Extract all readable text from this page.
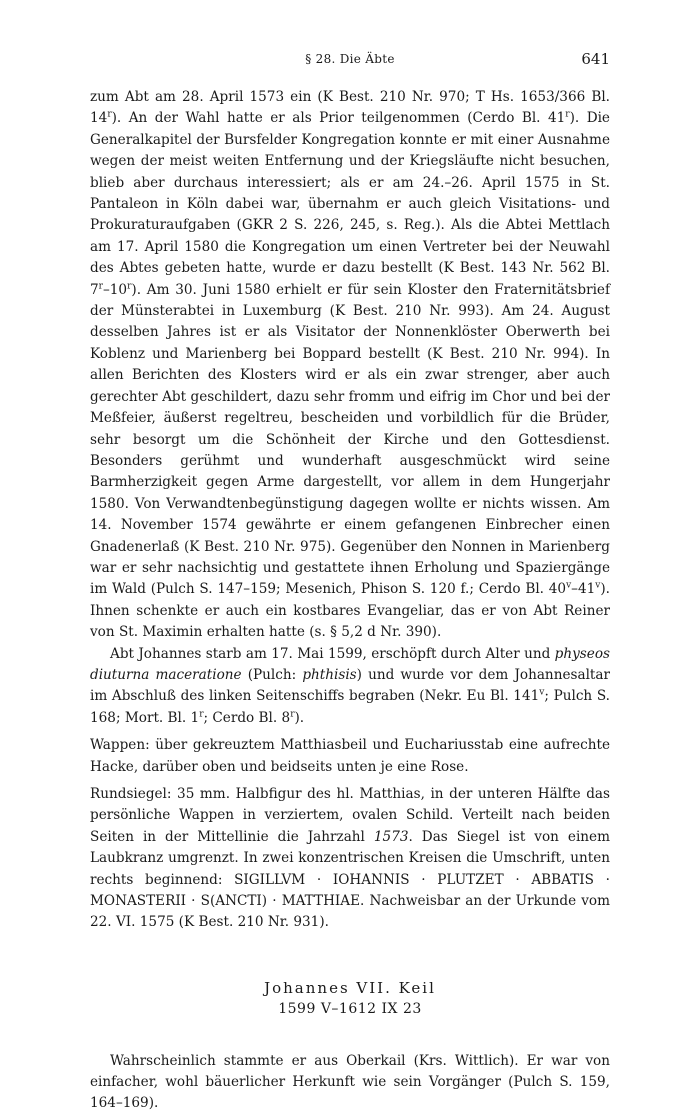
§ 28. Die Äbte	641

zum Abt am 28. April 1573 ein (K Best. 210 Nr. 970; T Hs. 1653/366 Bl. 14$^r$). An der Wahl hatte er als Prior teilgenommen (Cerdo Bl. 41$^r$). Die Generalkapitel der Bursfelder Kongregation konnte er mit einer Ausnahme wegen der meist weiten Entfernung und der Kriegsläufte nicht besuchen, blieb aber durchaus interessiert; als er am 24.–26. April 1575 in St. Pantaleon in Köln dabei war, übernahm er auch gleich Visitations- und Prokuraturaufgaben (GKR 2 S. 226, 245, s. Reg.). Als die Abtei Mettlach am 17. April 1580 die Kongregation um einen Vertreter bei der Neuwahl des Abtes gebeten hatte, wurde er dazu bestellt (K Best. 143 Nr. 562 Bl. 7$^r$–10$^r$). Am 30. Juni 1580 erhielt er für sein Kloster den Fraternitätsbrief der Münsterabtei in Luxemburg (K Best. 210 Nr. 993). Am 24. August desselben Jahres ist er als Visitator der Nonnenklöster Oberwerth bei Koblenz und Marienberg bei Boppard bestellt (K Best. 210 Nr. 994). In allen Berichten des Klosters wird er als ein zwar strenger, aber auch gerechter Abt geschildert, dazu sehr fromm und eifrig im Chor und bei der Meßfeier, äußerst regeltreu, bescheiden und vorbildlich für die Brüder, sehr besorgt um die Schönheit der Kirche und den Gottesdienst. Besonders gerühmt und wunderhaft ausgeschmückt wird seine Barmherzigkeit gegen Arme dargestellt, vor allem in dem Hungerjahr 1580. Von Verwandtenbegünstigung dagegen wollte er nichts wissen. Am 14. November 1574 gewährte er einem gefangenen Einbrecher einen Gnadenerlaß (K Best. 210 Nr. 975). Gegenüber den Nonnen in Marienberg war er sehr nachsichtig und gestattete ihnen Erholung und Spaziergänge im Wald (Pulch S. 147–159; Mesenich, Phison S. 120 f.; Cerdo Bl. 40$^v$–41$^v$). Ihnen schenkte er auch ein kostbares Evangeliar, das er von Abt Reiner von St. Maximin erhalten hatte (s. § 5,2 d Nr. 390).

Abt Johannes starb am 17. Mai 1599, erschöpft durch Alter und physeos diuturna maceratione (Pulch: phthisis) und wurde vor dem Johannesaltar im Abschluß des linken Seitenschiffs begraben (Nekr. Eu Bl. 141$^v$; Pulch S. 168; Mort. Bl. 1$^r$; Cerdo Bl. 8$^r$).

Wappen: über gekreuztem Matthiasbeil und Euchariusstab eine aufrechte Hacke, darüber oben und beidseits unten je eine Rose.

Rundsiegel: 35 mm. Halbfigur des hl. Matthias, in der unteren Hälfte das persönliche Wappen in verziertem, ovalen Schild. Verteilt nach beiden Seiten in der Mittellinie die Jahrzahl 1573. Das Siegel ist von einem Laubkranz umgrenzt. In zwei konzentrischen Kreisen die Umschrift, unten rechts beginnend: SIGILLVM · IOHANNIS · PLUTZET · ABBATIS · MONASTERII · S(ANCTI) · MATTHIAE. Nachweisbar an der Urkunde vom 22. VI. 1575 (K Best. 210 Nr. 931).

Johannes VII. Keil
1599 V–1612 IX 23

Wahrscheinlich stammte er aus Oberkail (Krs. Wittlich). Er war von einfacher, wohl bäuerlicher Herkunft wie sein Vorgänger (Pulch S. 159, 164–169).
